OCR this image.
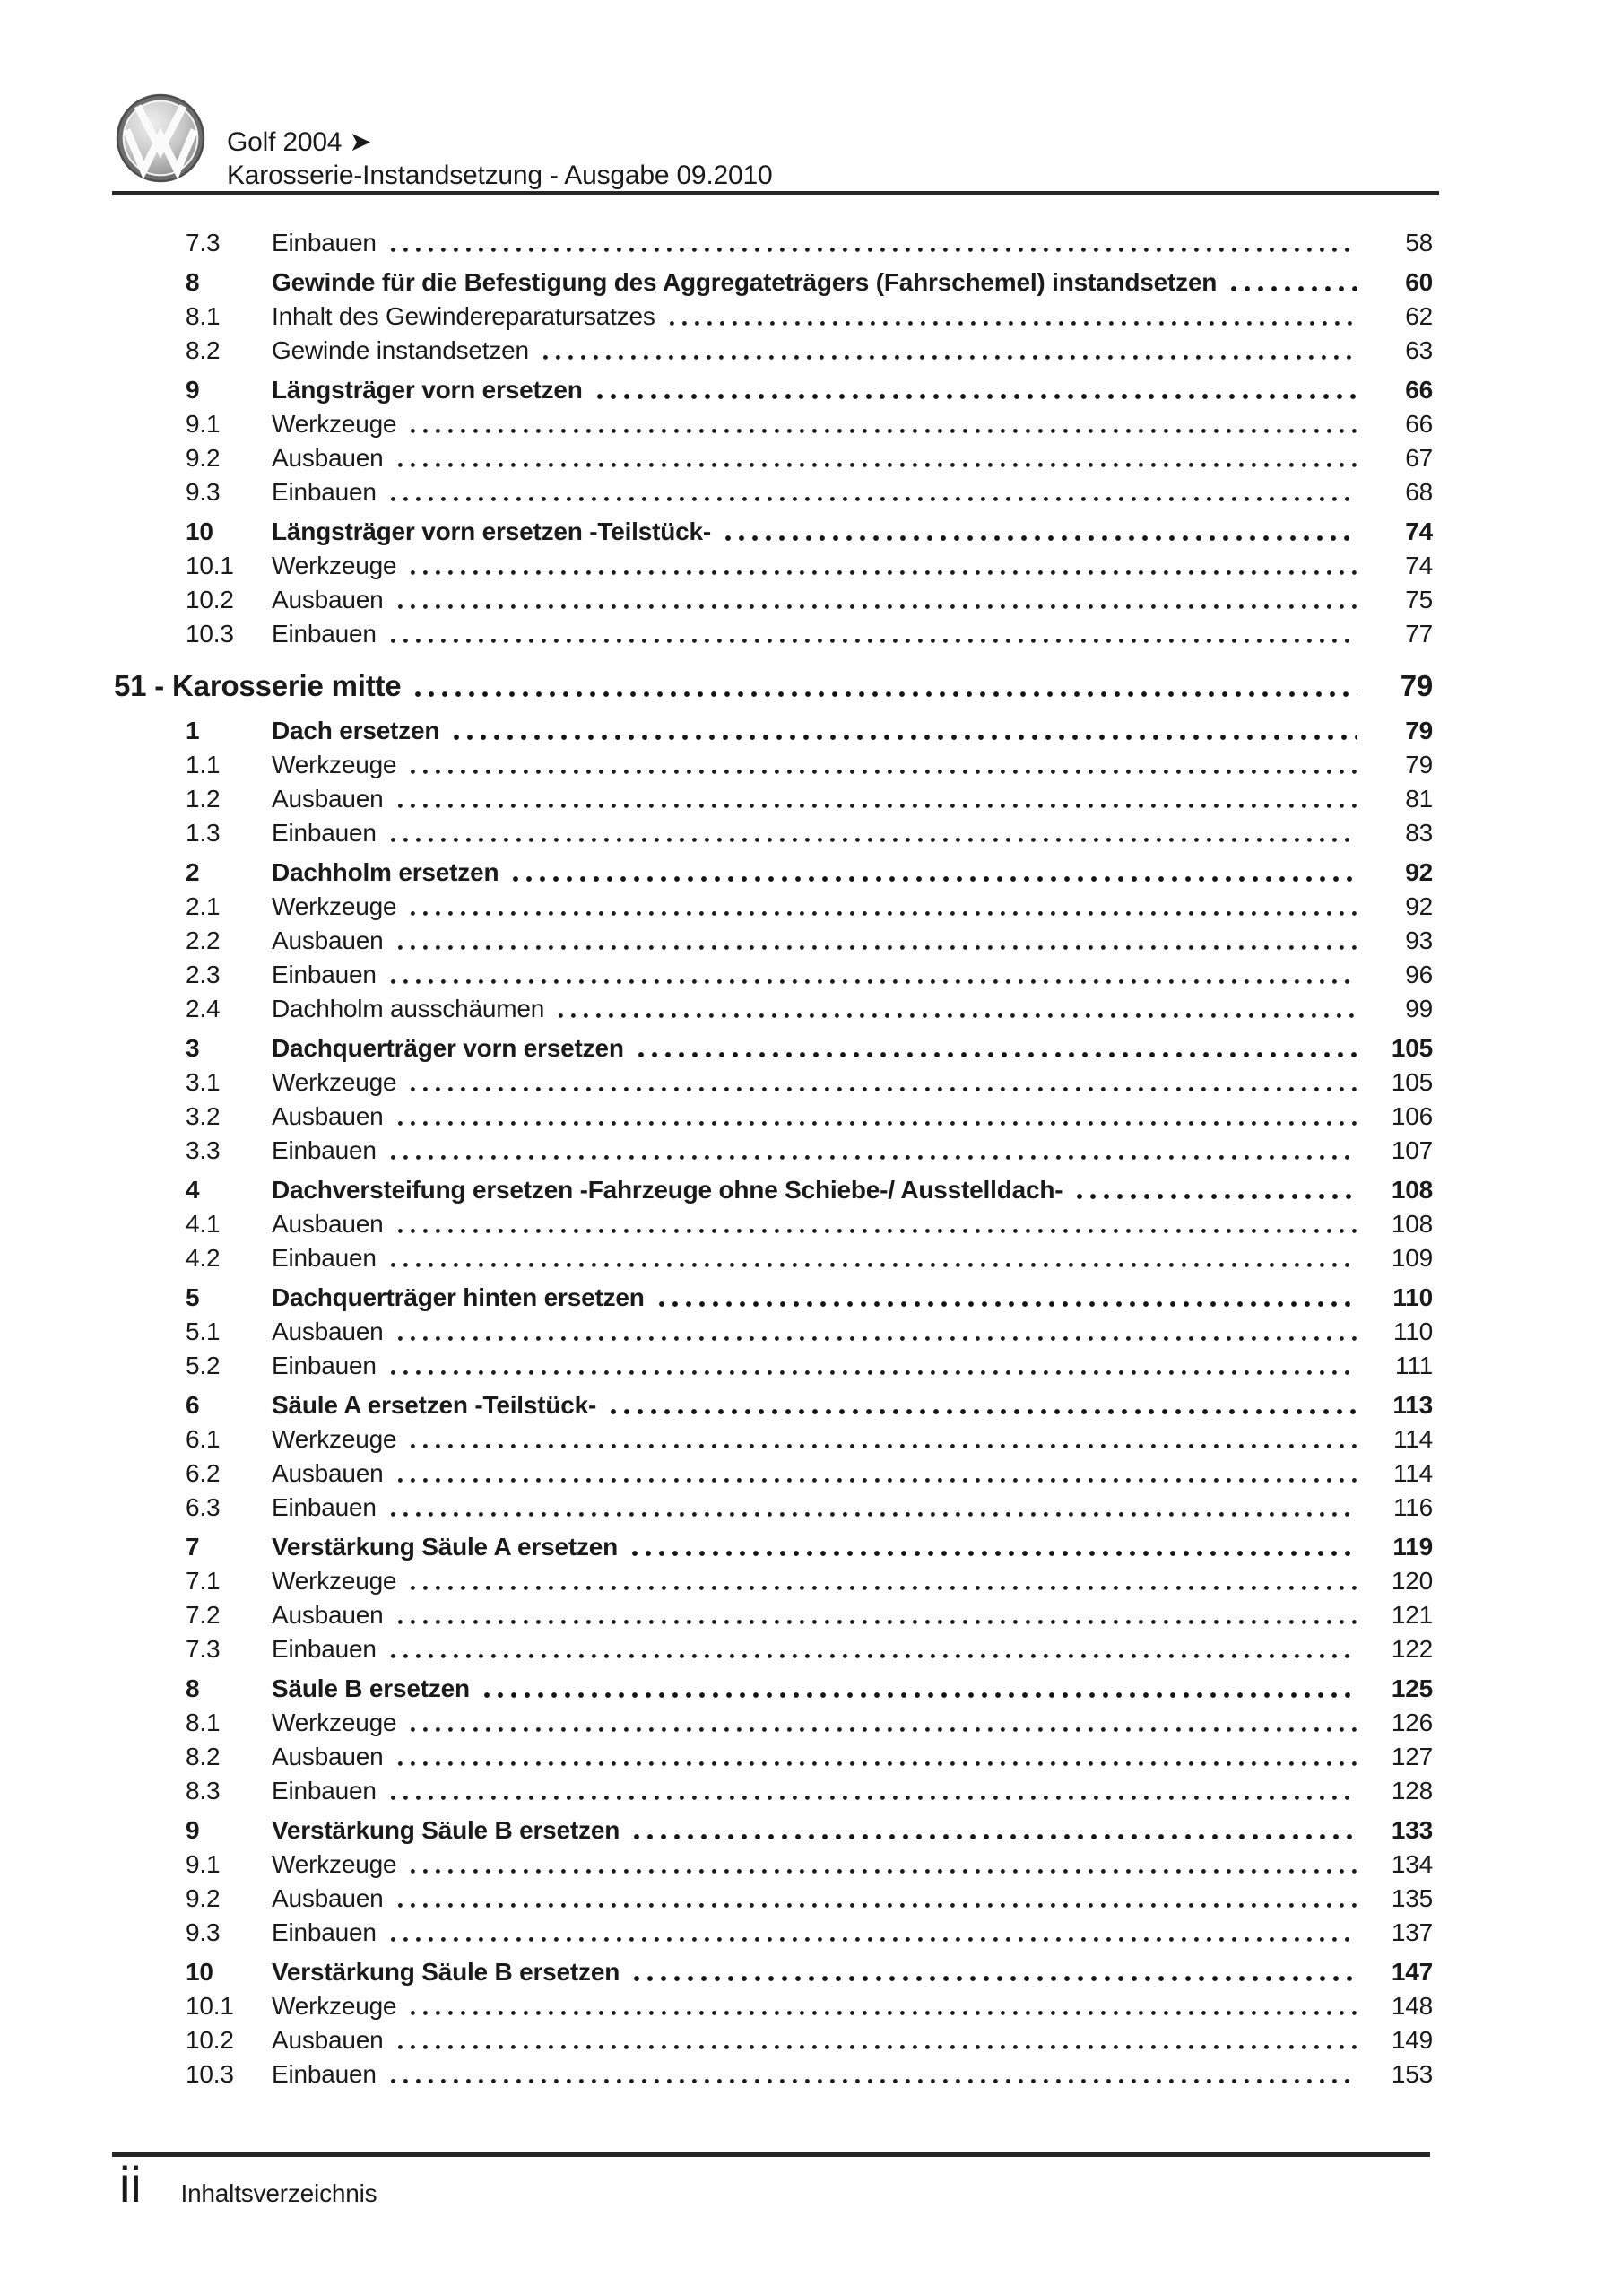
Golf 2004 ➤
Karosserie-Instandsetzung - Ausgabe 09.2010
7.3	Einbauen	58
8	Gewinde für die Befestigung des Aggregateträgers (Fahrschemel) instandsetzen	60
8.1	Inhalt des Gewindereparatursatzes	62
8.2	Gewinde instandsetzen	63
9	Längsträger vorn ersetzen	66
9.1	Werkzeuge	66
9.2	Ausbauen	67
9.3	Einbauen	68
10	Längsträger vorn ersetzen -Teilstück-	74
10.1	Werkzeuge	74
10.2	Ausbauen	75
10.3	Einbauen	77
51 - Karosserie mitte	79
1	Dach ersetzen	79
1.1	Werkzeuge	79
1.2	Ausbauen	81
1.3	Einbauen	83
2	Dachholm ersetzen	92
2.1	Werkzeuge	92
2.2	Ausbauen	93
2.3	Einbauen	96
2.4	Dachholm ausschäumen	99
3	Dachquerträger vorn ersetzen	105
3.1	Werkzeuge	105
3.2	Ausbauen	106
3.3	Einbauen	107
4	Dachversteifung ersetzen -Fahrzeuge ohne Schiebe-/ Ausstelldach-	108
4.1	Ausbauen	108
4.2	Einbauen	109
5	Dachquerträger hinten ersetzen	110
5.1	Ausbauen	110
5.2	Einbauen	111
6	Säule A ersetzen -Teilstück-	113
6.1	Werkzeuge	114
6.2	Ausbauen	114
6.3	Einbauen	116
7	Verstärkung Säule A ersetzen	119
7.1	Werkzeuge	120
7.2	Ausbauen	121
7.3	Einbauen	122
8	Säule B ersetzen	125
8.1	Werkzeuge	126
8.2	Ausbauen	127
8.3	Einbauen	128
9	Verstärkung Säule B ersetzen	133
9.1	Werkzeuge	134
9.2	Ausbauen	135
9.3	Einbauen	137
10	Verstärkung Säule B ersetzen	147
10.1	Werkzeuge	148
10.2	Ausbauen	149
10.3	Einbauen	153
ii Inhaltsverzeichnis
